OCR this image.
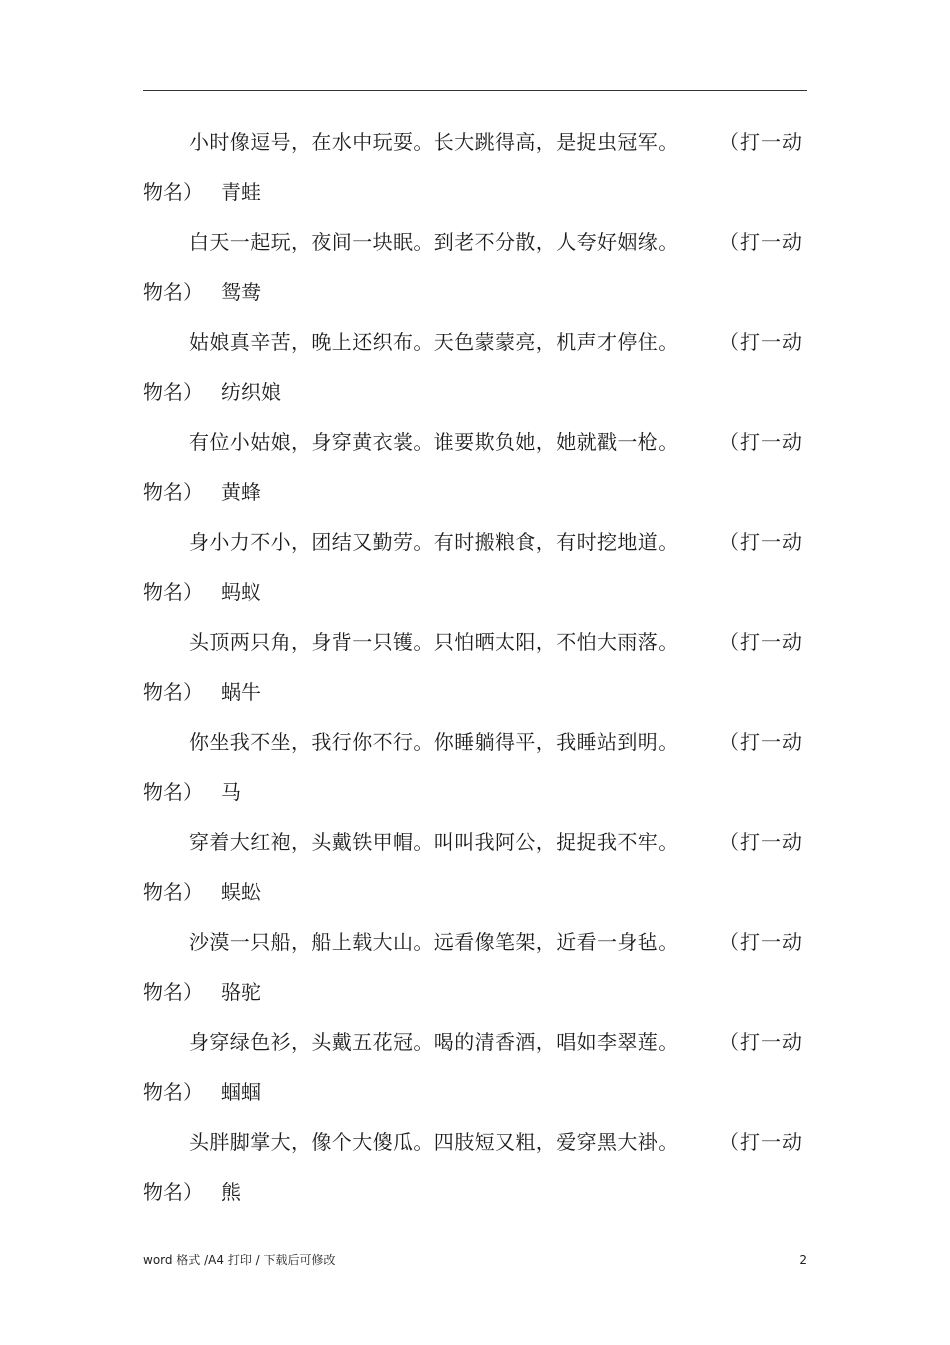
小时像逗号，在水中玩耍。长大跳得高，是捉虫冠军。 （打一动
物名） 青蛙
白天一起玩，夜间一块眠。到老不分散，人夸好姻缘。 （打一动
物名） 鸳鸯
姑娘真辛苦，晚上还织布。天色蒙蒙亮，机声才停住。 （打一动
物名） 纺织娘
有位小姑娘，身穿黄衣裳。谁要欺负她，她就戳一枪。 （打一动
物名） 黄蜂
身小力不小，团结又勤劳。有时搬粮食，有时挖地道。 （打一动
物名） 蚂蚁
头顶两只角，身背一只镬。只怕晒太阳，不怕大雨落。 （打一动
物名） 蜗牛
你坐我不坐，我行你不行。你睡躺得平，我睡站到明。 （打一动
物名） 马
穿着大红袍，头戴铁甲帽。叫叫我阿公，捉捉我不牢。 （打一动
物名） 蜈蚣
沙漠一只船，船上载大山。远看像笔架，近看一身毡。 （打一动
物名） 骆驼
身穿绿色衫，头戴五花冠。喝的清香酒，唱如李翠莲。 （打一动
物名） 蝈蝈
头胖脚掌大，像个大傻瓜。四肢短又粗，爱穿黑大褂。 （打一动
物名） 熊
word 格式 /A4 打印 / 下载后可修改	2
